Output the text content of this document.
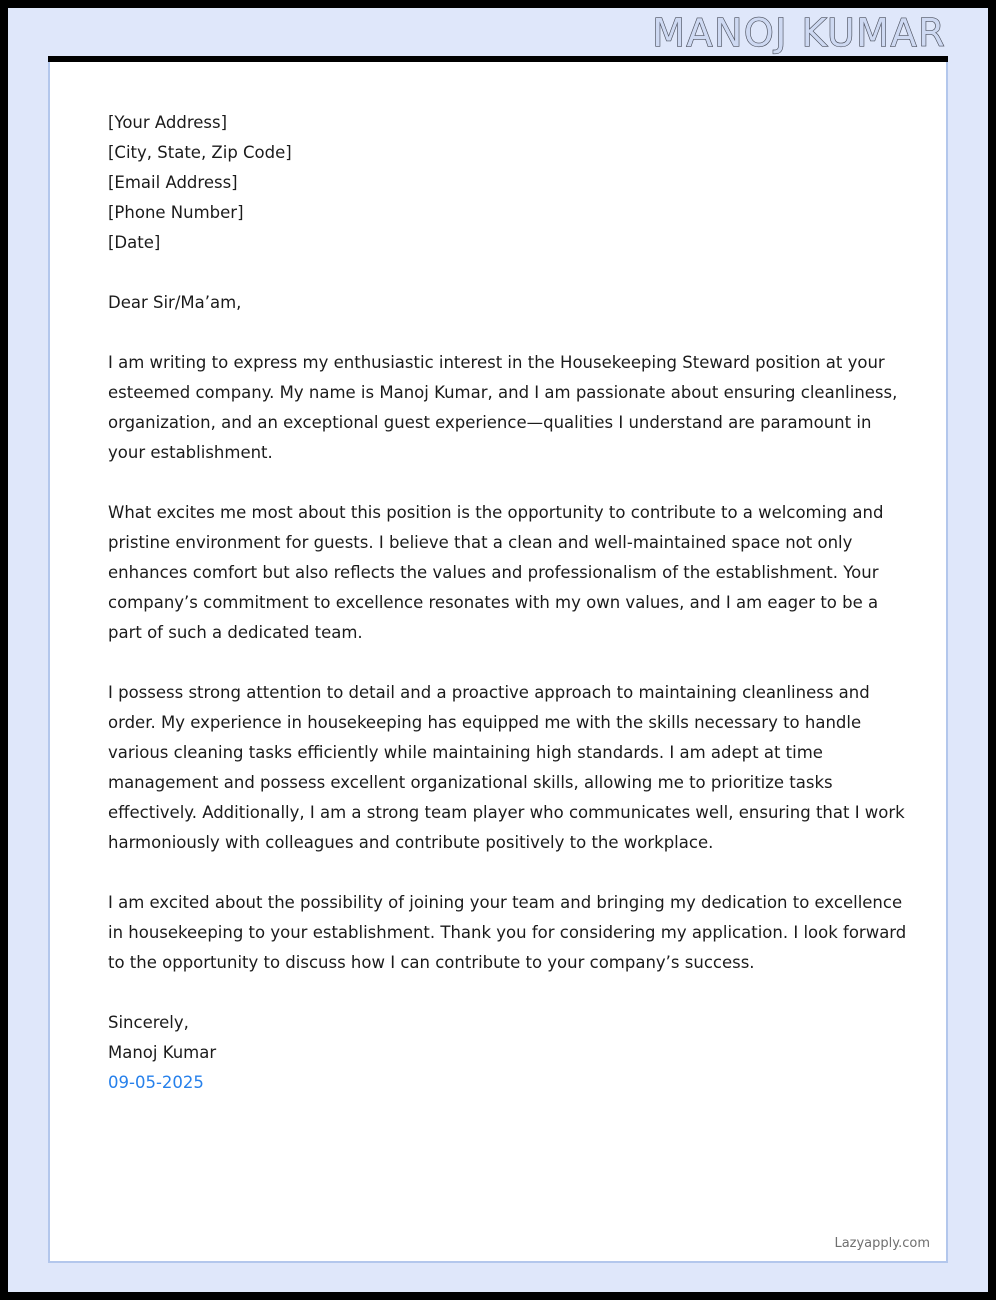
MANOJ KUMAR

[Your Address]

[City, State, Zip Code]

[Email Address]

[Phone Number]

[Date]

Dear Sir/Ma’am,

I am writing to express my enthusiastic interest in the Housekeeping Steward position at your esteemed company. My name is Manoj Kumar, and I am passionate about ensuring cleanliness, organization, and an exceptional guest experience—qualities I understand are paramount in your establishment.

What excites me most about this position is the opportunity to contribute to a welcoming and pristine environment for guests. I believe that a clean and well-maintained space not only enhances comfort but also reflects the values and professionalism of the establishment. Your company’s commitment to excellence resonates with my own values, and I am eager to be a part of such a dedicated team.

I possess strong attention to detail and a proactive approach to maintaining cleanliness and order. My experience in housekeeping has equipped me with the skills necessary to handle various cleaning tasks efficiently while maintaining high standards. I am adept at time management and possess excellent organizational skills, allowing me to prioritize tasks effectively. Additionally, I am a strong team player who communicates well, ensuring that I work harmoniously with colleagues and contribute positively to the workplace.

I am excited about the possibility of joining your team and bringing my dedication to excellence in housekeeping to your establishment. Thank you for considering my application. I look forward to the opportunity to discuss how I can contribute to your company’s success.

Sincerely,

Manoj Kumar

09-05-2025

Lazyapply.com
